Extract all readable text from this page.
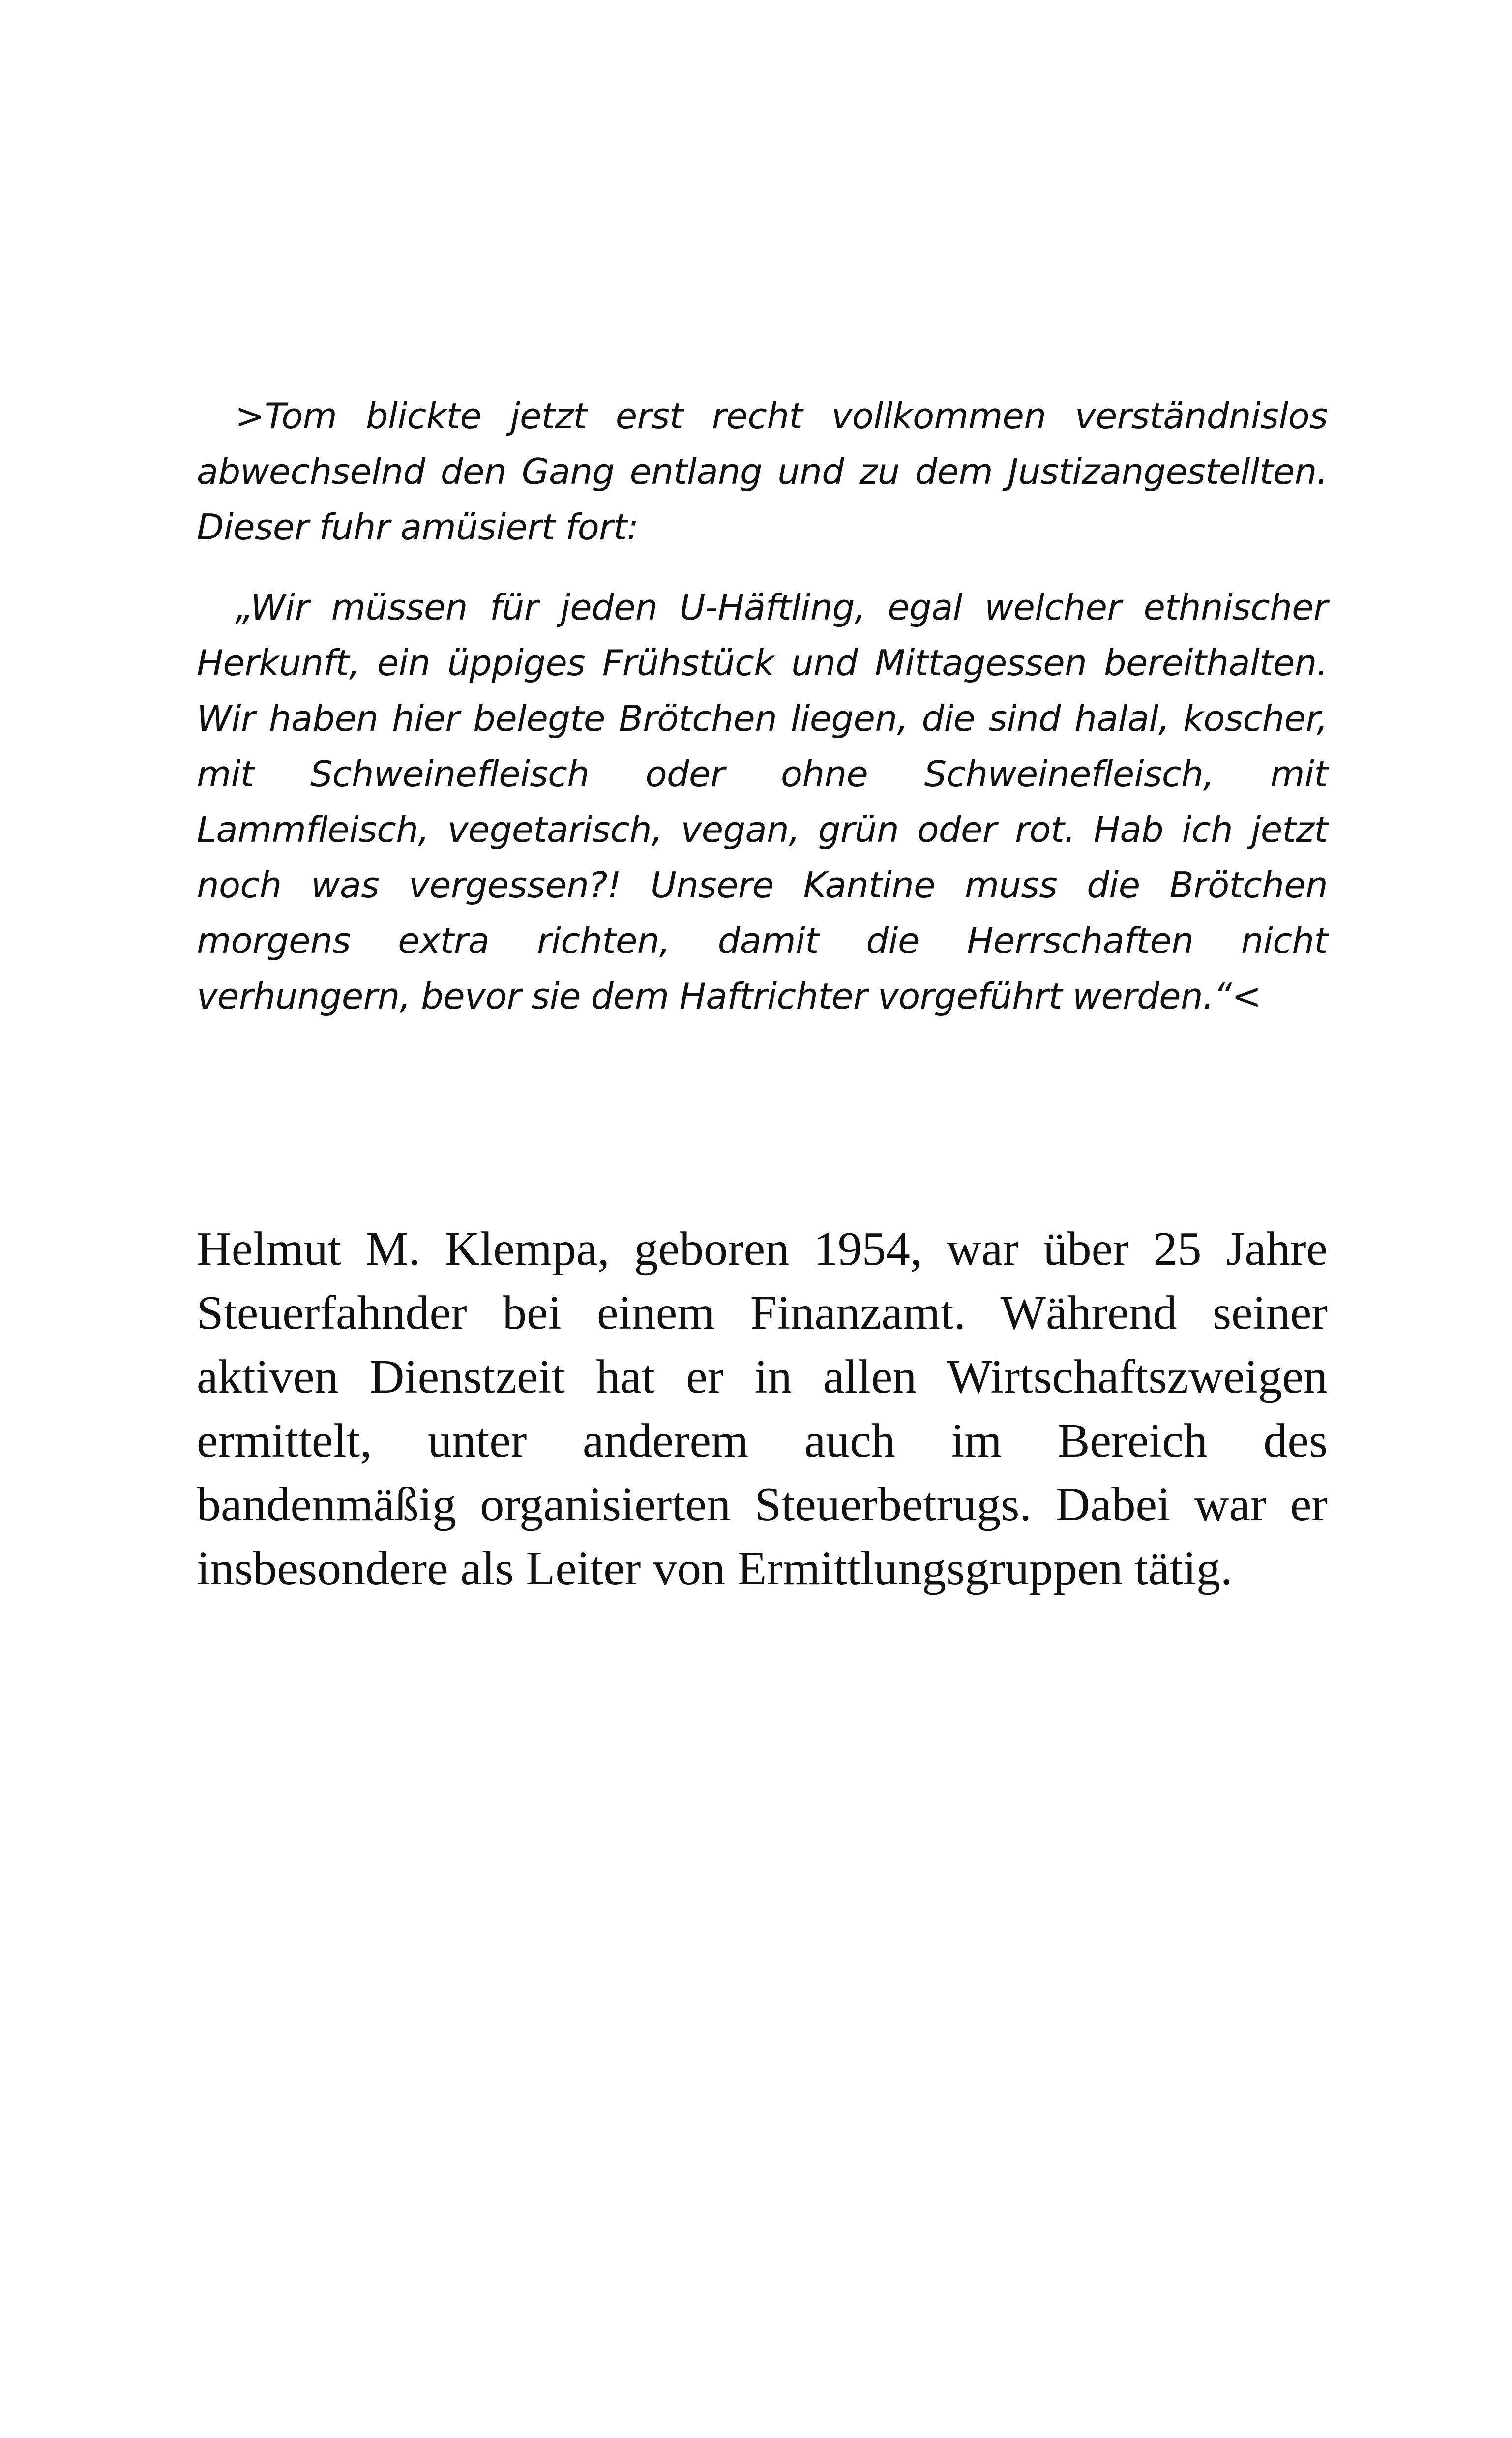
>Tom blickte jetzt erst recht vollkommen verständnislos abwechselnd den Gang entlang und zu dem Justizangestellten. Dieser fuhr amüsiert fort:

„Wir müssen für jeden U-Häftling, egal welcher ethnischer Herkunft, ein üppiges Frühstück und Mittagessen bereithalten. Wir haben hier belegte Brötchen liegen, die sind halal, koscher, mit Schweinefleisch oder ohne Schweinefleisch, mit Lammfleisch, vegetarisch, vegan, grün oder rot. Hab ich jetzt noch was vergessen?! Unsere Kantine muss die Brötchen morgens extra richten, damit die Herrschaften nicht verhungern, bevor sie dem Haftrichter vorgeführt werden.“<

Helmut M. Klempa, geboren 1954, war über 25 Jahre Steuerfahnder bei einem Finanzamt. Während seiner aktiven Dienstzeit hat er in allen Wirtschaftszweigen ermittelt, unter anderem auch im Bereich des bandenmäßig organisierten Steuerbetrugs. Dabei war er insbesondere als Leiter von Ermittlungsgruppen tätig.
